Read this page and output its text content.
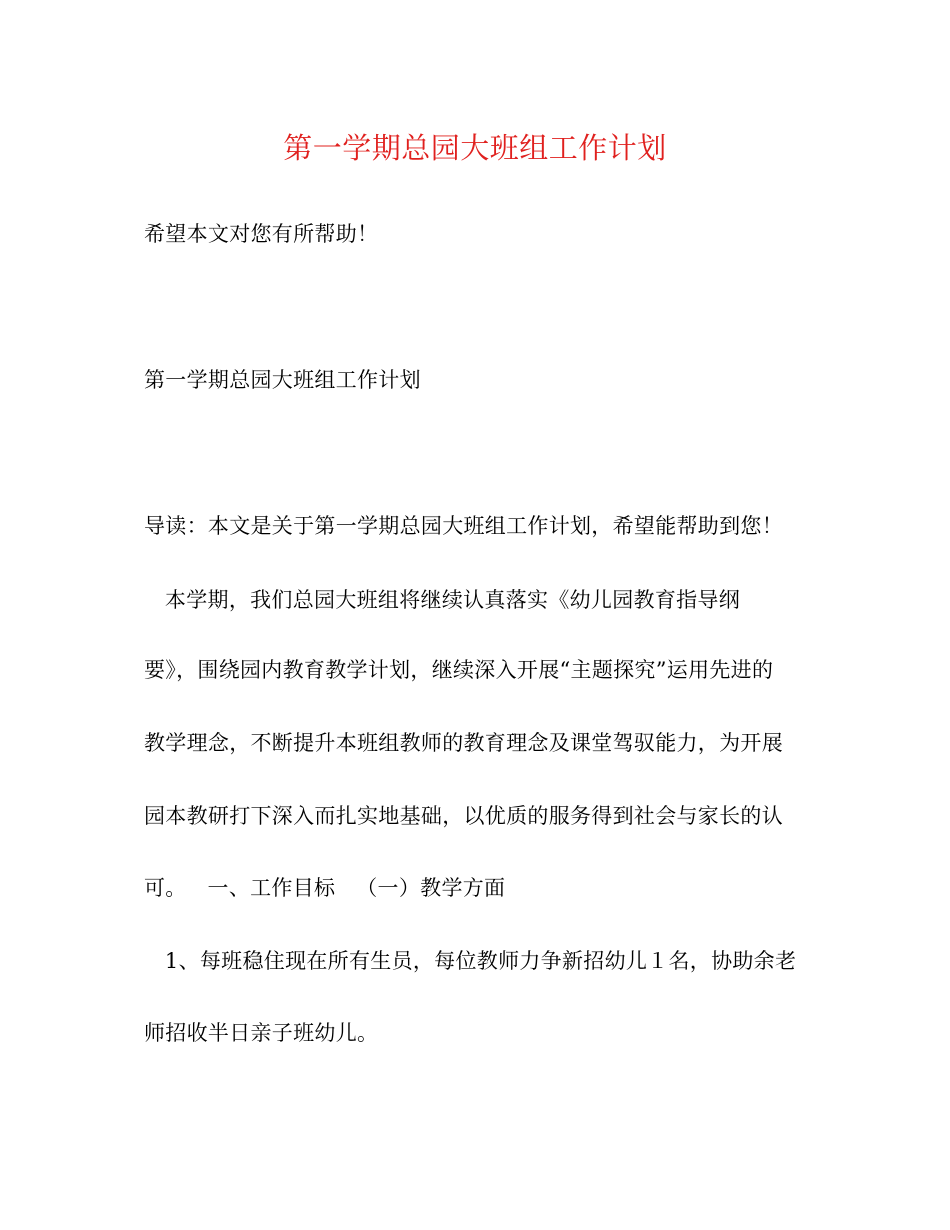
第一学期总园大班组工作计划
希望本文对您有所帮助！
第一学期总园大班组工作计划
导读：本文是关于第一学期总园大班组工作计划，希望能帮助到您！
本学期，我们总园大班组将继续认真落实《幼儿园教育指导纲
要》，围绕园内教育教学计划，继续深入开展“主题探究”运用先进的
教学理念，不断提升本班组教师的教育理念及课堂驾驭能力，为开展
园本教研打下深入而扎实地基础，以优质的服务得到社会与家长的认
可。   一、工作目标   （一）教学方面
1、每班稳住现在所有生员，每位教师力争新招幼儿１名，协助余老
师招收半日亲子班幼儿。
